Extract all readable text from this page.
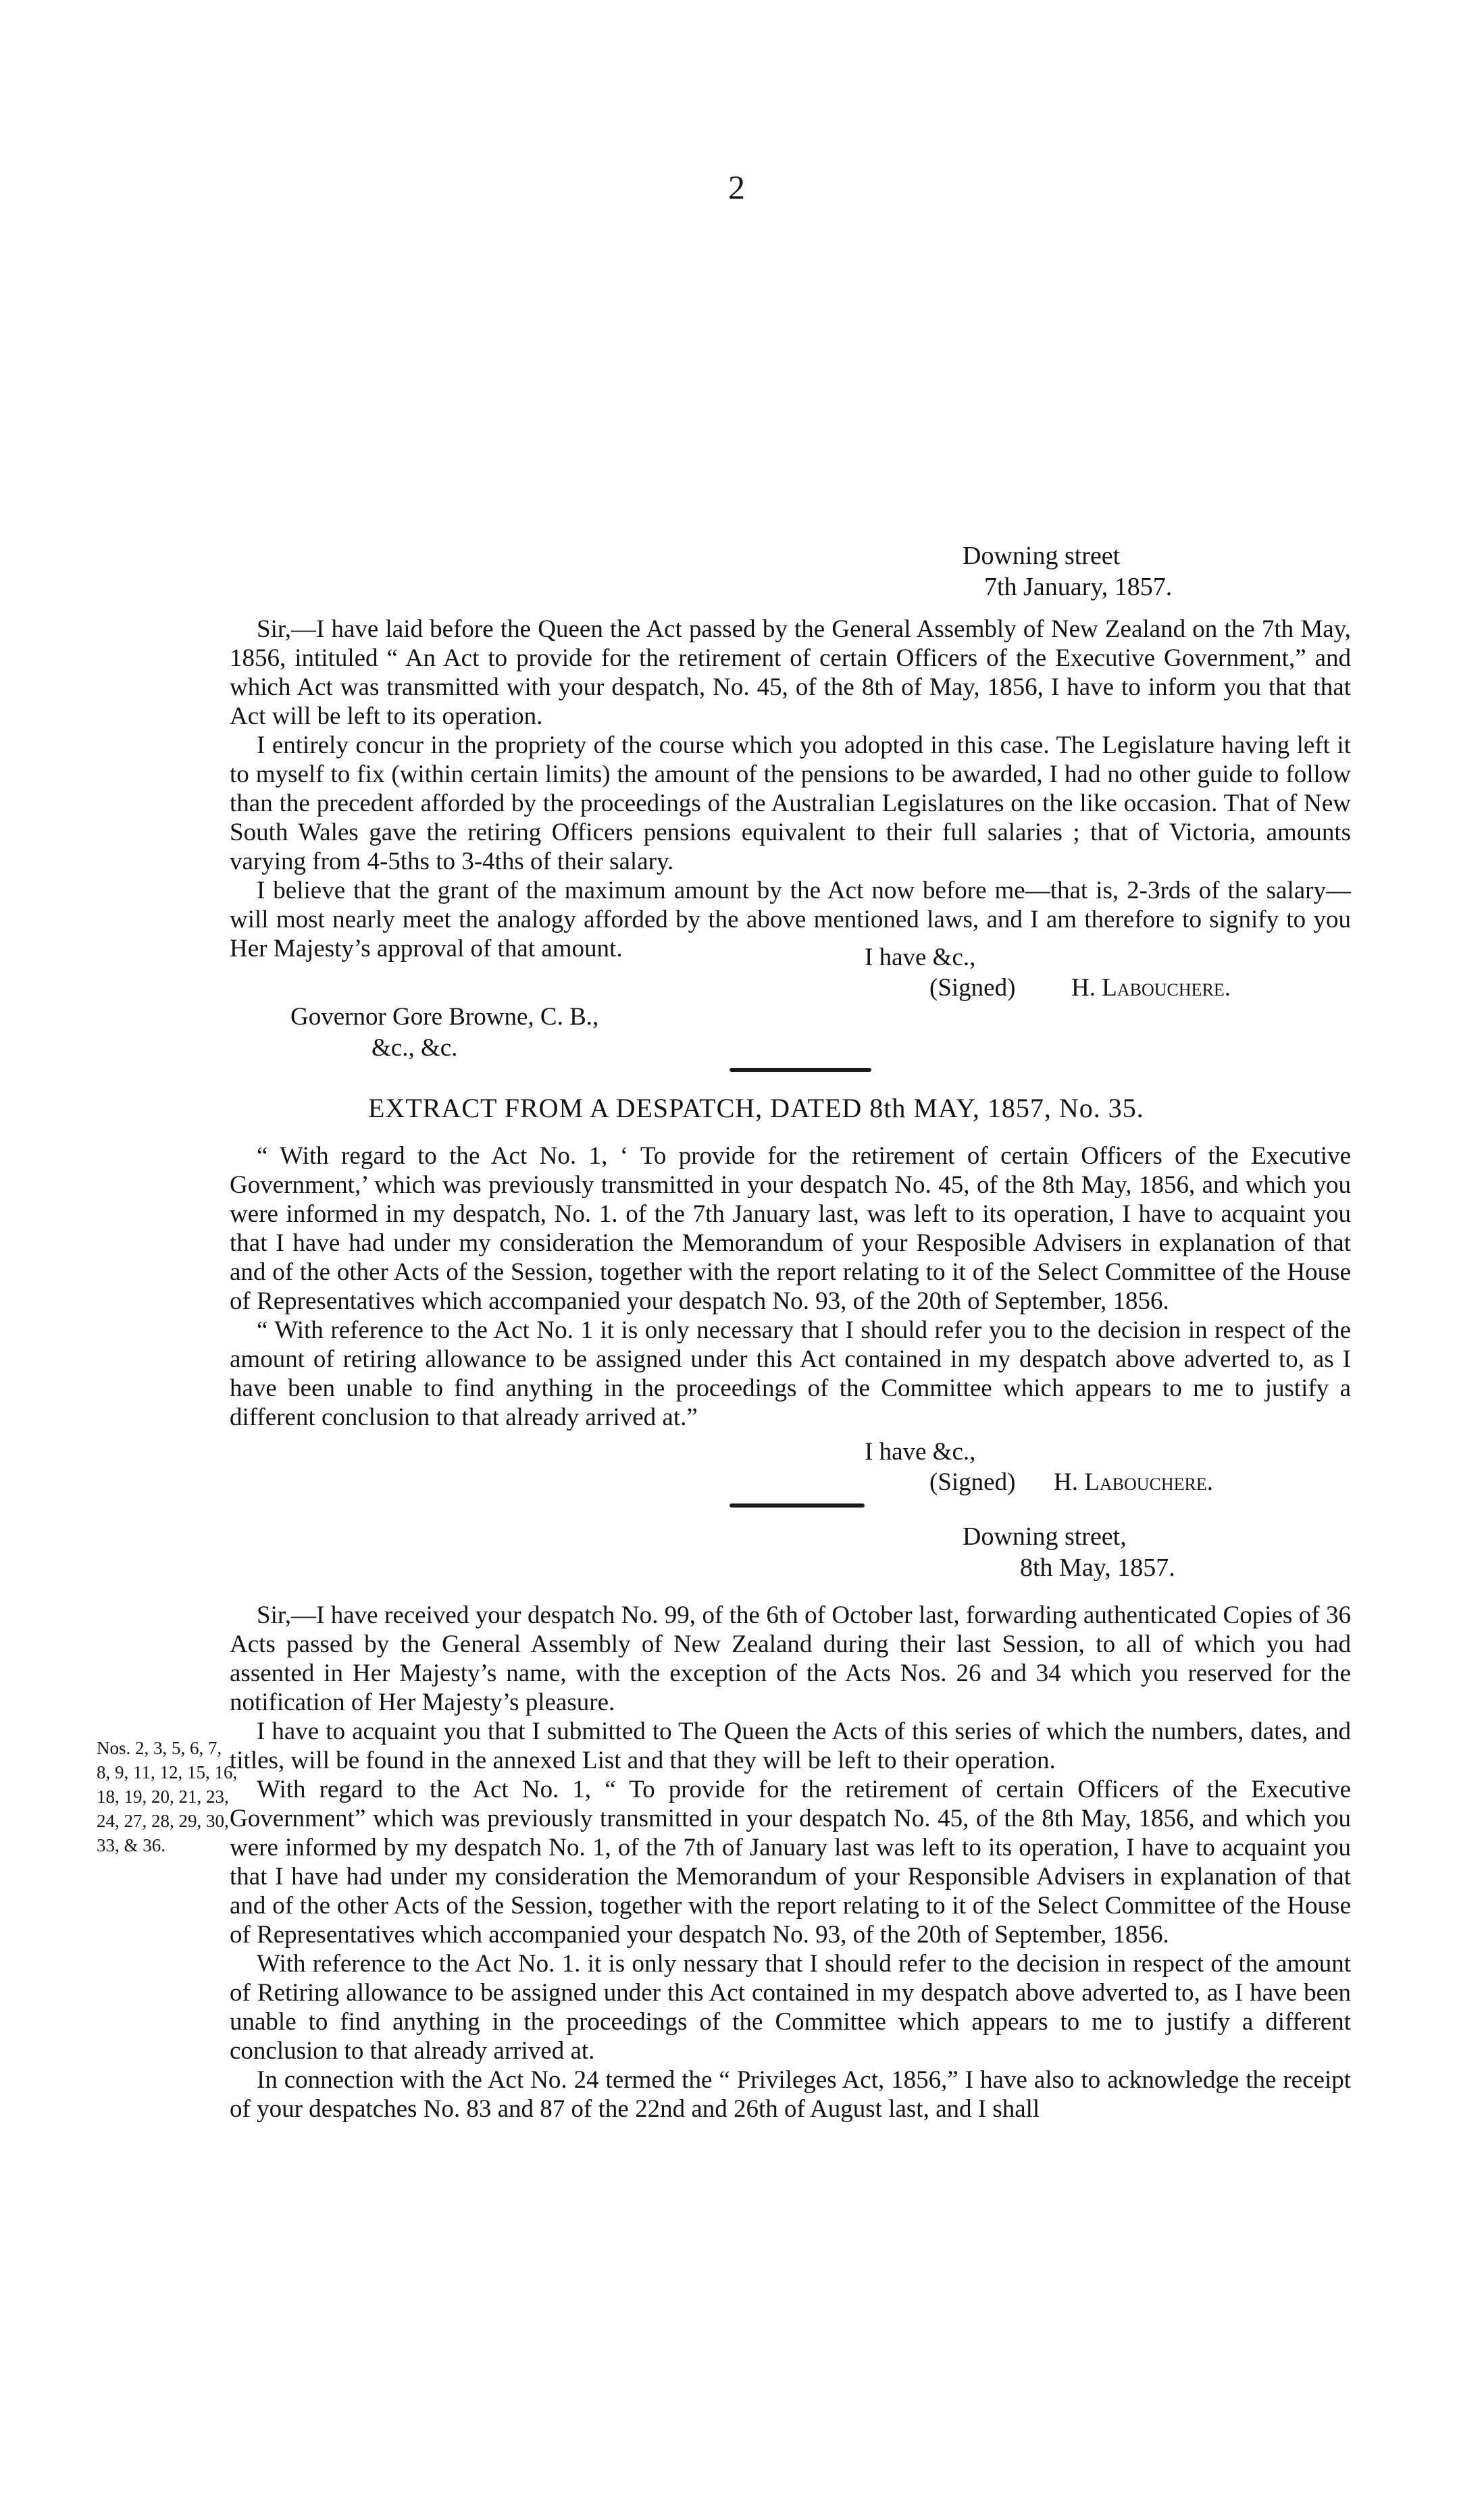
2
Downing street
7th January, 1857.

Sir,—I have laid before the Queen the Act passed by the General Assembly of New Zealand on the 7th May, 1856, intituled “ An Act to provide for the retirement of certain Officers of the Executive Government,” and which Act was transmitted with your despatch, No. 45, of the 8th of May, 1856, I have to inform you that that Act will be left to its operation.

I entirely concur in the propriety of the course which you adopted in this case. The Legislature having left it to myself to fix (within certain limits) the amount of the pensions to be awarded, I had no other guide to follow than the precedent afforded by the proceedings of the Australian Legislatures on the like occasion. That of New South Wales gave the retiring Officers pensions equivalent to their full salaries ; that of Victoria, amounts varying from 4-5ths to 3-4ths of their salary.

I believe that the grant of the maximum amount by the Act now before me—that is, 2-3rds of the salary—will most nearly meet the analogy afforded by the above mentioned laws, and I am therefore to signify to you Her Majesty’s approval of that amount.	I have &c.,
(Signed) H. Labouchere.
Governor Gore Browne, C. B.,
&c., &c.
EXTRACT FROM A DESPATCH, DATED 8th MAY, 1857, No. 35.

“ With regard to the Act No. 1, ‘ To provide for the retirement of certain Officers of the Executive Government,’ which was previously transmitted in your despatch No. 45, of the 8th May, 1856, and which you were informed in my despatch, No. 1. of the 7th January last, was left to its operation, I have to acquaint you that I have had under my consideration the Memorandum of your Resposible Advisers in explanation of that and of the other Acts of the Session, together with the report relating to it of the Select Committee of the House of Representatives which accompanied your despatch No. 93, of the 20th of September, 1856.

“ With reference to the Act No. 1 it is only necessary that I should refer you to the decision in respect of the amount of retiring allowance to be assigned under this Act contained in my despatch above adverted to, as I have been unable to find anything in the proceedings of the Committee which appears to me to justify a different conclusion to that already arrived at.”

I have &c.,
(Signed) H. Labouchere.
Downing street,
8th May, 1857.
Nos. 2, 3, 5, 6, 7, 8, 9, 11, 12, 15, 16, 18, 19, 20, 21, 23, 24, 27, 28, 29, 30, 33, & 36.

Sir,—I have received your despatch No. 99, of the 6th of October last, forwarding authenticated Copies of 36 Acts passed by the General Assembly of New Zealand during their last Session, to all of which you had assented in Her Majesty’s name, with the exception of the Acts Nos. 26 and 34 which you reserved for the notification of Her Majesty’s pleasure.

I have to acquaint you that I submitted to The Queen the Acts of this series of which the numbers, dates, and titles, will be found in the annexed List and that they will be left to their operation.

With regard to the Act No. 1, “ To provide for the retirement of certain Officers of the Executive Government” which was previously transmitted in your despatch No. 45, of the 8th May, 1856, and which you were informed by my despatch No. 1, of the 7th of January last was left to its operation, I have to acquaint you that I have had under my consideration the Memorandum of your Responsible Advisers in explanation of that and of the other Acts of the Session, together with the report relating to it of the Select Committee of the House of Representatives which accompanied your despatch No. 93, of the 20th of September, 1856.

With reference to the Act No. 1. it is only nessary that I should refer to the decision in respect of the amount of Retiring allowance to be assigned under this Act contained in my despatch above adverted to, as I have been unable to find anything in the proceedings of the Committee which appears to me to justify a different conclusion to that already arrived at.

In connection with the Act No. 24 termed the “ Privileges Act, 1856,” I have also to acknowledge the receipt of your despatches No. 83 and 87 of the 22nd and 26th of August last, and I shall
